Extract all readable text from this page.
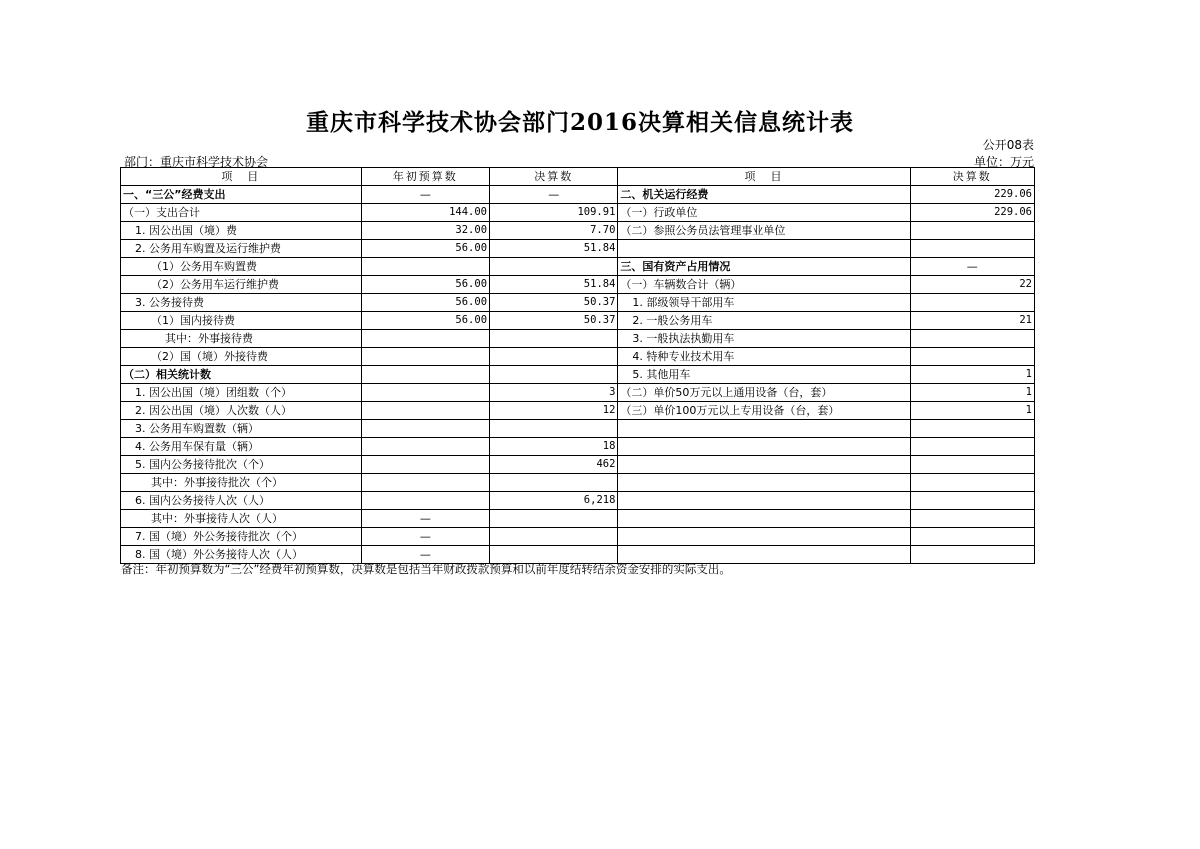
重庆市科学技术协会部门2016决算相关信息统计表
公开08表
部门：重庆市科学技术协会	单位：万元
项　目	年初预算数	决算数	项　目	决算数
一、“三公”经费支出	—	—	二、机关运行经费	229.06
（一）支出合计	144.00	109.91	（一）行政单位	229.06
1. 因公出国（境）费	32.00	7.70	（二）参照公务员法管理事业单位	
2. 公务用车购置及运行维护费	56.00	51.84		
（1）公务用车购置费			三、国有资产占用情况	—
（2）公务用车运行维护费	56.00	51.84	（一）车辆数合计（辆）	22
3. 公务接待费	56.00	50.37	1. 部级领导干部用车	
（1）国内接待费	56.00	50.37	2. 一般公务用车	21
其中：外事接待费			3. 一般执法执勤用车	
（2）国（境）外接待费			4. 特种专业技术用车	
（二）相关统计数			5. 其他用车	1
1. 因公出国（境）团组数（个）		3	（二）单价50万元以上通用设备（台，套）	1
2. 因公出国（境）人次数（人）		12	（三）单价100万元以上专用设备（台，套）	1
3. 公务用车购置数（辆）				
4. 公务用车保有量（辆）		18		
5. 国内公务接待批次（个）		462		
其中：外事接待批次（个）				
6. 国内公务接待人次（人）		6,218		
其中：外事接待人次（人）	—			
7. 国（境）外公务接待批次（个）	—			
8. 国（境）外公务接待人次（人）	—			
备注：年初预算数为“三公”经费年初预算数，决算数是包括当年财政拨款预算和以前年度结转结余资金安排的实际支出。
